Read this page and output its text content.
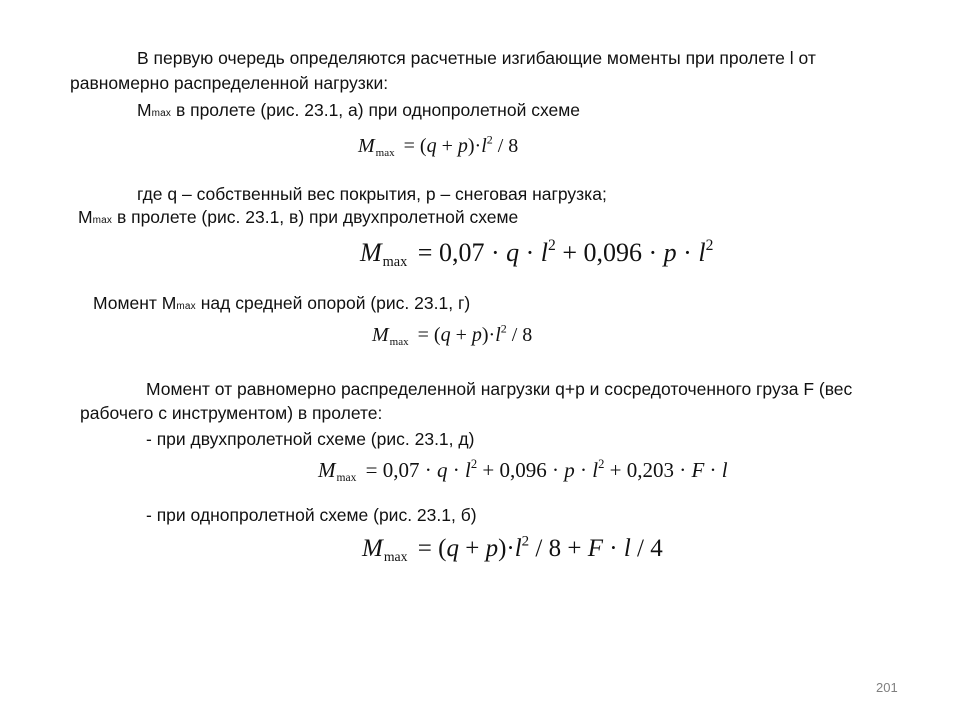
В первую очередь определяются расчетные изгибающие моменты при пролете l от
равномерно распределенной нагрузки:
Mmax в пролете (рис. 23.1, а) при однопролетной схеме
$Mmax = (q + p)\cdot l^2 / 8$
где q – собственный вес покрытия, р – снеговая нагрузка;
Mmax в пролете (рис. 23.1, в) при двухпролетной схеме
$Mmax = 0,07 \cdot q \cdot l^2 + 0,096 \cdot p \cdot l^2$
Момент Мmax над средней опорой (рис. 23.1, г)
$Mmax = (q + p)\cdot l^2 / 8$
Момент от равномерно распределенной нагрузки q+p и сосредоточенного груза F (вес
рабочего с инструментом) в пролете:
- при двухпролетной схеме (рис. 23.1, д)
$Mmax = 0,07 \cdot q \cdot l^2 + 0,096 \cdot p \cdot l^2 + 0,203 \cdot F \cdot l$
- при однопролетной схеме (рис. 23.1, б)
$Mmax = (q + p)\cdot l^2 / 8 + F \cdot l / 4$
201
